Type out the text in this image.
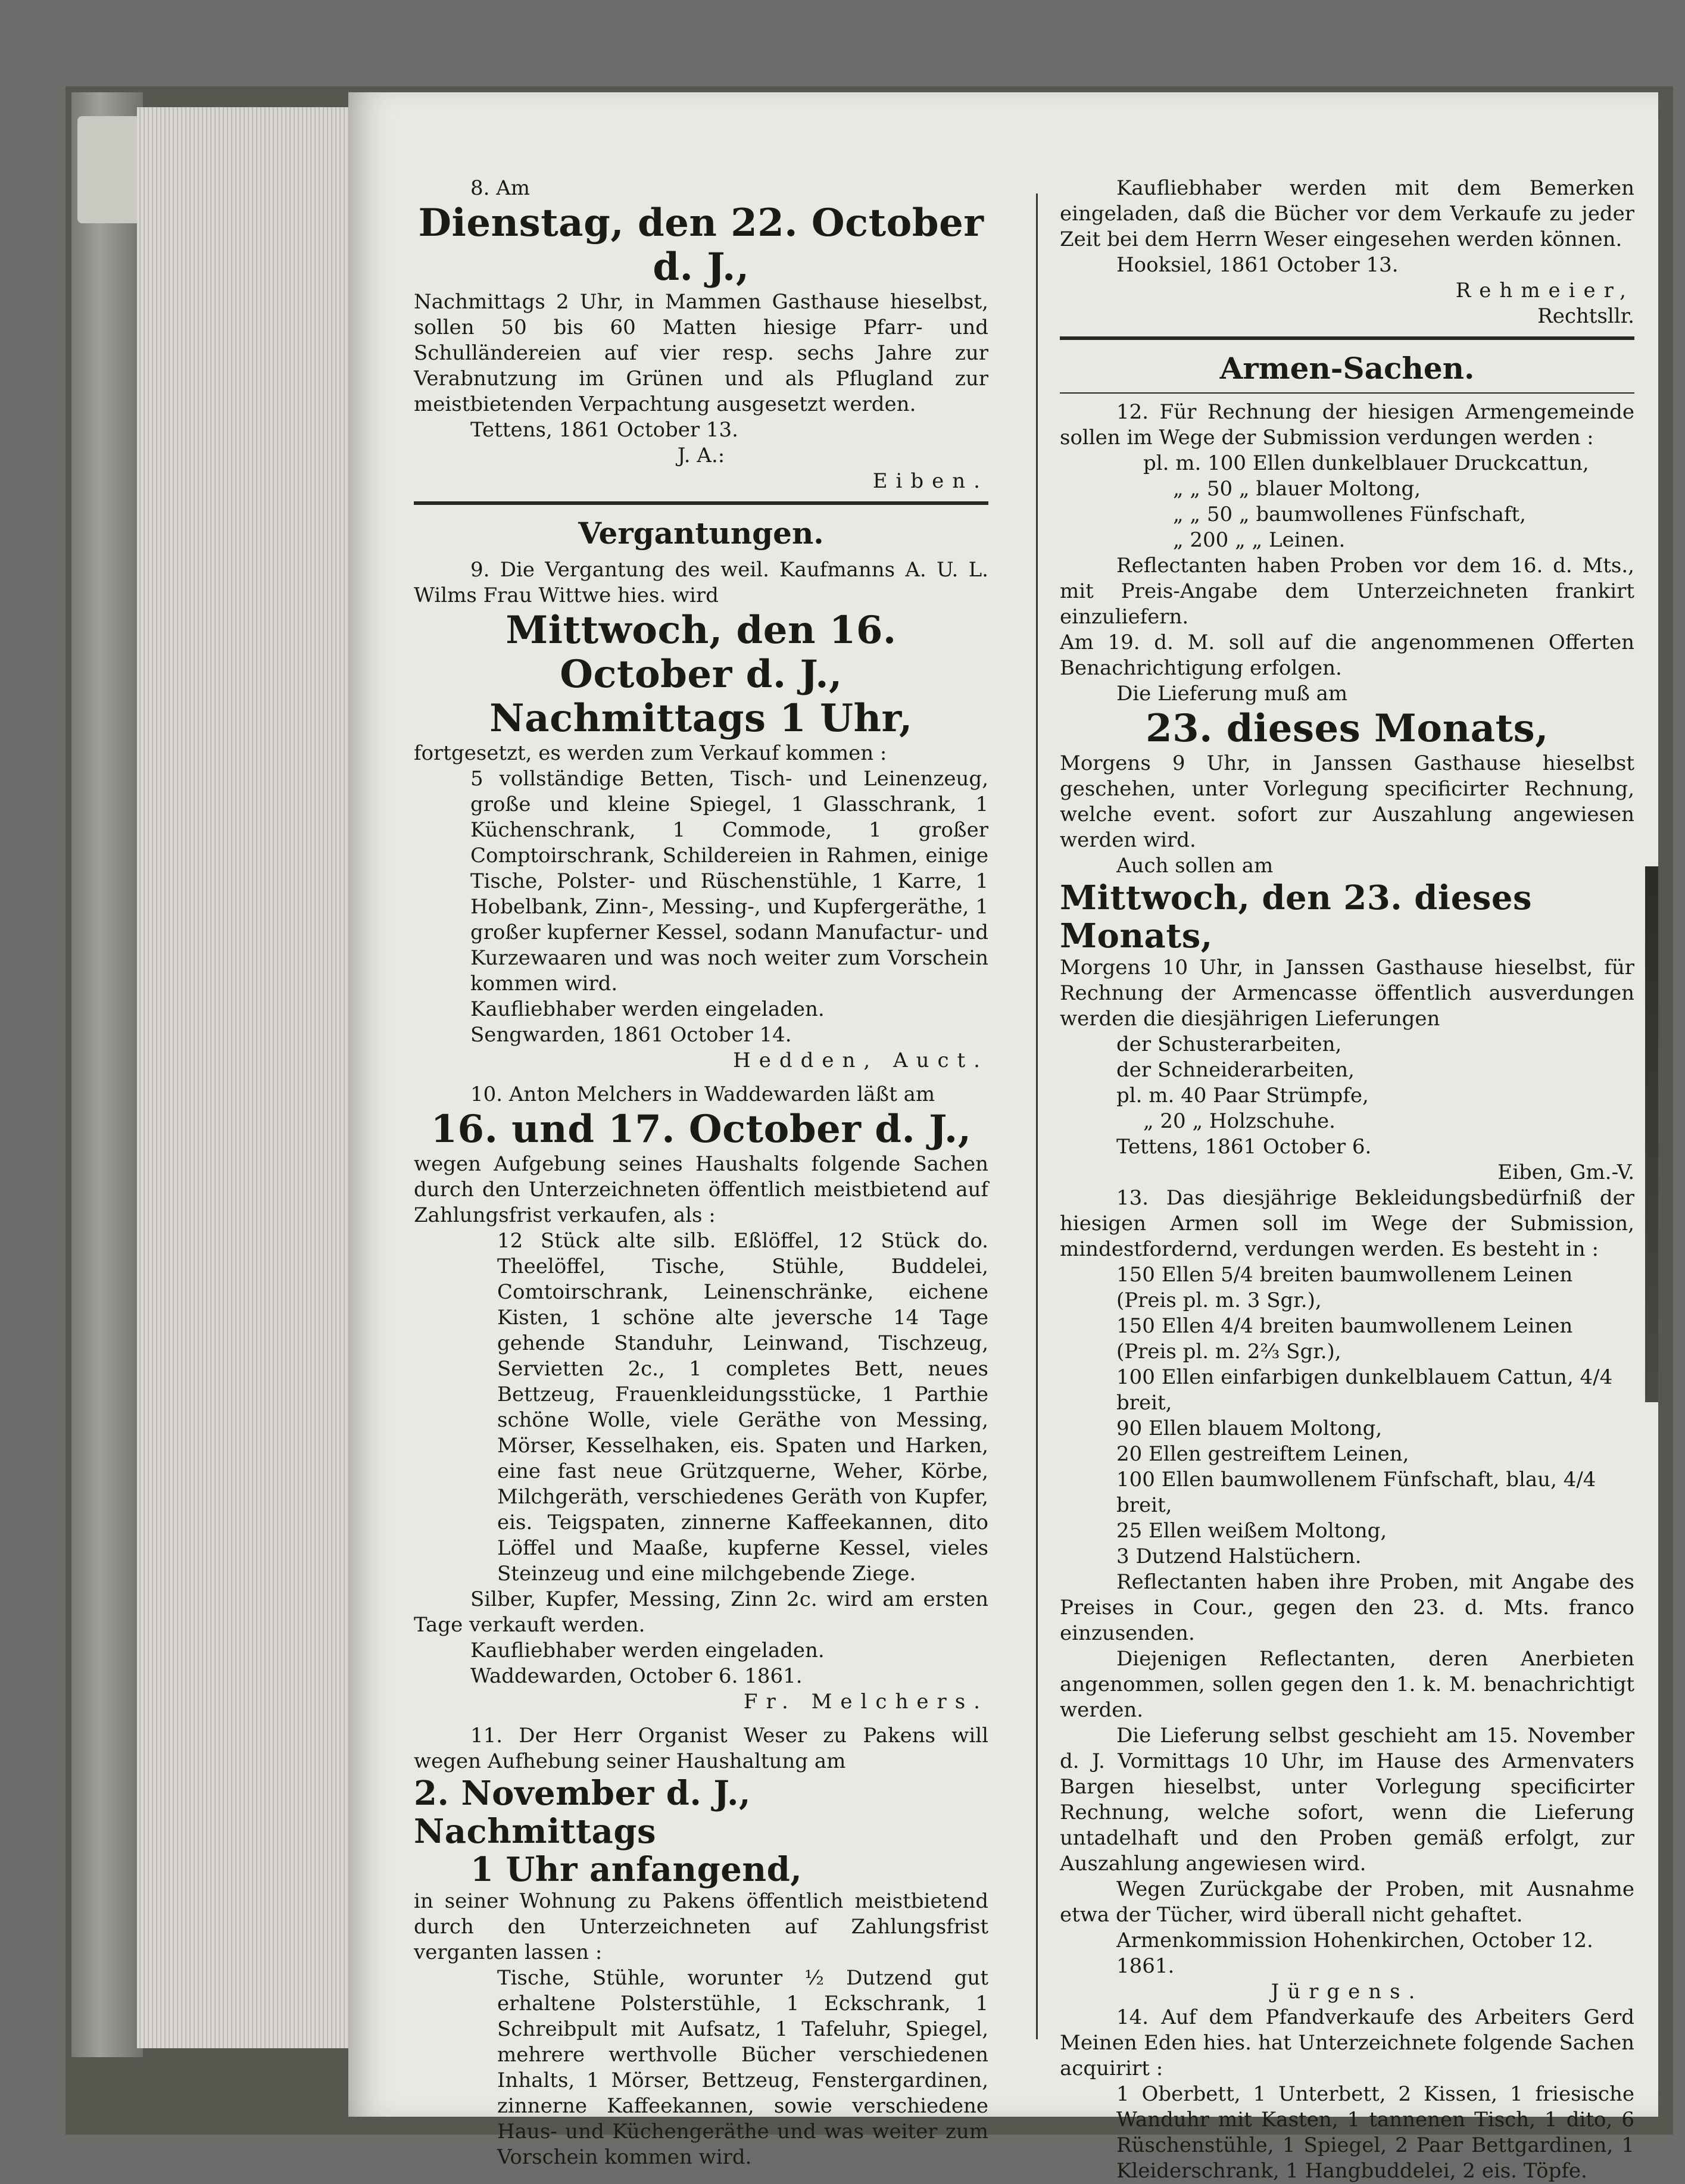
8. Am

Dienstag, den 22. October d. J.,

Nachmittags 2 Uhr, in Mammen Gasthause hieselbst, sollen 50 bis 60 Matten hiesige Pfarr- und Schulländereien auf vier resp. sechs Jahre zur Verabnutzung im Grünen und als Pflugland zur meistbietenden Verpachtung ausgesetzt werden.

Tettens, 1861 October 13.

J. A.:

Eiben.

Vergantungen.

9. Die Vergantung des weil. Kaufmanns A. U. L. Wilms Frau Wittwe hies. wird

Mittwoch, den 16. October d. J.,

Nachmittags 1 Uhr,

fortgesetzt, es werden zum Verkauf kommen :

5 vollständige Betten, Tisch- und Leinenzeug, große und kleine Spiegel, 1 Glasschrank, 1 Küchenschrank, 1 Commode, 1 großer Comptoirschrank, Schildereien in Rahmen, einige Tische, Polster- und Rüschenstühle, 1 Karre, 1 Hobelbank, Zinn-, Messing-, und Kupfergeräthe, 1 großer kupferner Kessel, sodann Manufactur- und Kurzewaaren und was noch weiter zum Vorschein kommen wird.

Kaufliebhaber werden eingeladen.

Sengwarden, 1861 October 14.

Hedden, Auct.

10. Anton Melchers in Waddewarden läßt am

16. und 17. October d. J.,

wegen Aufgebung seines Haushalts folgende Sachen durch den Unterzeichneten öffentlich meistbietend auf Zahlungsfrist verkaufen, als :

12 Stück alte silb. Eßlöffel, 12 Stück do. Theelöffel, Tische, Stühle, Buddelei, Comtoirschrank, Leinenschränke, eichene Kisten, 1 schöne alte jeversche 14 Tage gehende Standuhr, Leinwand, Tischzeug, Servietten 2c., 1 completes Bett, neues Bettzeug, Frauenkleidungsstücke, 1 Parthie schöne Wolle, viele Geräthe von Messing, Mörser, Kesselhaken, eis. Spaten und Harken, eine fast neue Grützquerne, Weher, Körbe, Milchgeräth, verschiedenes Geräth von Kupfer, eis. Teigspaten, zinnerne Kaffeekannen, dito Löffel und Maaße, kupferne Kessel, vieles Steinzeug und eine milchgebende Ziege.

Silber, Kupfer, Messing, Zinn 2c. wird am ersten Tage verkauft werden.

Kaufliebhaber werden eingeladen.

Waddewarden, October 6. 1861.

Fr. Melchers.

11. Der Herr Organist Weser zu Pakens will wegen Aufhebung seiner Haushaltung am

2. November d. J., Nachmittags

1 Uhr anfangend,

in seiner Wohnung zu Pakens öffentlich meistbietend durch den Unterzeichneten auf Zahlungsfrist verganten lassen :

Tische, Stühle, worunter ½ Dutzend gut erhaltene Polsterstühle, 1 Eckschrank, 1 Schreibpult mit Aufsatz, 1 Tafeluhr, Spiegel, mehrere werthvolle Bücher verschiedenen Inhalts, 1 Mörser, Bettzeug, Fenstergardinen, zinnerne Kaffeekannen, sowie verschiedene Haus- und Küchengeräthe und was weiter zum Vorschein kommen wird.

Kaufliebhaber werden mit dem Bemerken eingeladen, daß die Bücher vor dem Verkaufe zu jeder Zeit bei dem Herrn Weser eingesehen werden können.

Hooksiel, 1861 October 13.

Rehmeier,

Rechtsllr.

Armen-Sachen.

12. Für Rechnung der hiesigen Armengemeinde sollen im Wege der Submission verdungen werden :

pl. m. 100 Ellen dunkelblauer Druckcattun,

„ „ 50 „ blauer Moltong,

„ „ 50 „ baumwollenes Fünfschaft,

„ 200 „ „ Leinen.

Reflectanten haben Proben vor dem 16. d. Mts., mit Preis-Angabe dem Unterzeichneten frankirt einzuliefern.

Am 19. d. M. soll auf die angenommenen Offerten Benachrichtigung erfolgen.

Die Lieferung muß am

23. dieses Monats,

Morgens 9 Uhr, in Janssen Gasthause hieselbst geschehen, unter Vorlegung specificirter Rechnung, welche event. sofort zur Auszahlung angewiesen werden wird.

Auch sollen am

Mittwoch, den 23. dieses Monats,

Morgens 10 Uhr, in Janssen Gasthause hieselbst, für Rechnung der Armencasse öffentlich ausverdungen werden die diesjährigen Lieferungen

der Schusterarbeiten,

der Schneiderarbeiten,

pl. m. 40 Paar Strümpfe,

„ 20 „ Holzschuhe.

Tettens, 1861 October 6.

Eiben, Gm.-V.

13. Das diesjährige Bekleidungsbedürfniß der hiesigen Armen soll im Wege der Submission, mindestfordernd, verdungen werden. Es besteht in :

150 Ellen 5/4 breiten baumwollenem Leinen (Preis pl. m. 3 Sgr.),

150 Ellen 4/4 breiten baumwollenem Leinen (Preis pl. m. 2⅔ Sgr.),

100 Ellen einfarbigen dunkelblauem Cattun, 4/4 breit,

90 Ellen blauem Moltong,

20 Ellen gestreiftem Leinen,

100 Ellen baumwollenem Fünfschaft, blau, 4/4 breit,

25 Ellen weißem Moltong,

3 Dutzend Halstüchern.

Reflectanten haben ihre Proben, mit Angabe des Preises in Cour., gegen den 23. d. Mts. franco einzusenden.

Diejenigen Reflectanten, deren Anerbieten angenommen, sollen gegen den 1. k. M. benachrichtigt werden.

Die Lieferung selbst geschieht am 15. November d. J. Vormittags 10 Uhr, im Hause des Armenvaters Bargen hieselbst, unter Vorlegung specificirter Rechnung, welche sofort, wenn die Lieferung untadelhaft und den Proben gemäß erfolgt, zur Auszahlung angewiesen wird.

Wegen Zurückgabe der Proben, mit Ausnahme etwa der Tücher, wird überall nicht gehaftet.

Armenkommission Hohenkirchen, October 12. 1861.

Jürgens.

14. Auf dem Pfandverkaufe des Arbeiters Gerd Meinen Eden hies. hat Unterzeichnete folgende Sachen acquirirt :

1 Oberbett, 1 Unterbett, 2 Kissen, 1 friesische Wanduhr mit Kasten, 1 tannenen Tisch, 1 dito, 6 Rüschenstühle, 1 Spiegel, 2 Paar Bettgardinen, 1 Kleiderschrank, 1 Hangbuddelei, 2 eis. Töpfe.
